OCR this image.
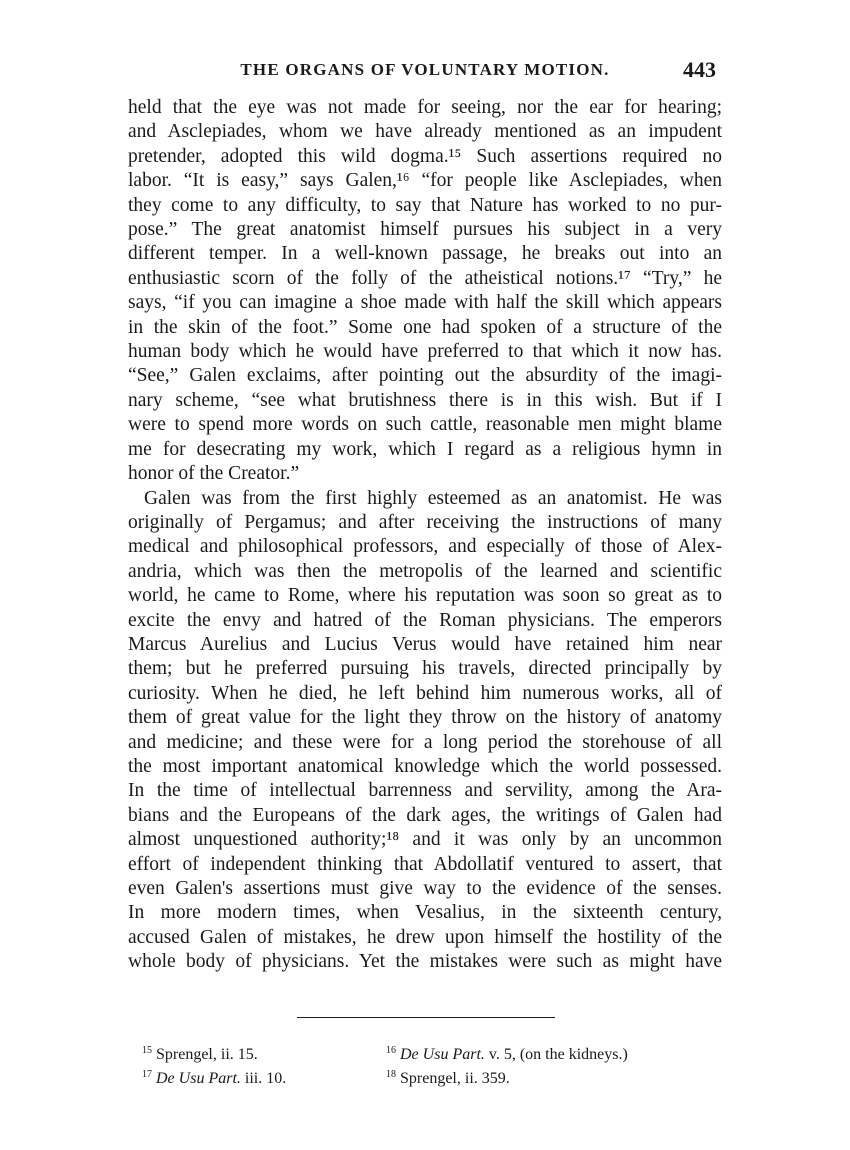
THE ORGANS OF VOLUNTARY MOTION.	443

held that the eye was not made for seeing, nor the ear for hearing;

and Asclepiades, whom we have already mentioned as an impudent

pretender, adopted this wild dogma.¹⁵ Such assertions required no

labor. “It is easy,” says Galen,¹⁶ “for people like Asclepiades, when

they come to any difficulty, to say that Nature has worked to no pur-

pose.” The great anatomist himself pursues his subject in a very

different temper. In a well-known passage, he breaks out into an

enthusiastic scorn of the folly of the atheistical notions.¹⁷ “Try,” he

says, “if you can imagine a shoe made with half the skill which appears

in the skin of the foot.” Some one had spoken of a structure of the

human body which he would have preferred to that which it now has.

“See,” Galen exclaims, after pointing out the absurdity of the imagi-

nary scheme, “see what brutishness there is in this wish. But if I

were to spend more words on such cattle, reasonable men might blame

me for desecrating my work, which I regard as a religious hymn in

honor of the Creator.”

Galen was from the first highly esteemed as an anatomist. He was

originally of Pergamus; and after receiving the instructions of many

medical and philosophical professors, and especially of those of Alex-

andria, which was then the metropolis of the learned and scientific

world, he came to Rome, where his reputation was soon so great as to

excite the envy and hatred of the Roman physicians. The emperors

Marcus Aurelius and Lucius Verus would have retained him near

them; but he preferred pursuing his travels, directed principally by

curiosity. When he died, he left behind him numerous works, all of

them of great value for the light they throw on the history of anatomy

and medicine; and these were for a long period the storehouse of all

the most important anatomical knowledge which the world possessed.

In the time of intellectual barrenness and servility, among the Ara-

bians and the Europeans of the dark ages, the writings of Galen had

almost unquestioned authority;¹⁸ and it was only by an uncommon

effort of independent thinking that Abdollatif ventured to assert, that

even Galen's assertions must give way to the evidence of the senses.

In more modern times, when Vesalius, in the sixteenth century,

accused Galen of mistakes, he drew upon himself the hostility of the

whole body of physicians. Yet the mistakes were such as might have

$^{15}$ Sprengel, ii. 15.	$^{16}$ De Usu Part. v. 5, (on the kidneys.)
$^{17}$ De Usu Part. iii. 10.	$^{18}$ Sprengel, ii. 359.
